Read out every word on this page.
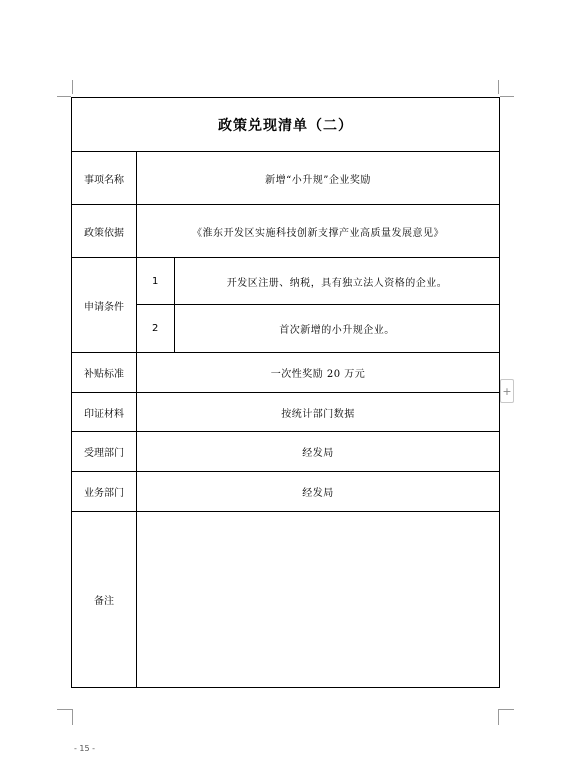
+
政策兑现清单（二）		
事项名称	新增“小升规”企业奖励	
政策依据	《淮东开发区实施科技创新支撑产业高质量发展意见》	
申请条件	1	开发区注册、纳税，具有独立法人资格的企业。
	2	首次新增的小升规企业。
补贴标准	一次性奖励 20 万元	
印证材料	按统计部门数据	
受理部门	经发局	
业务部门	经发局	
备注		
- 15 -
